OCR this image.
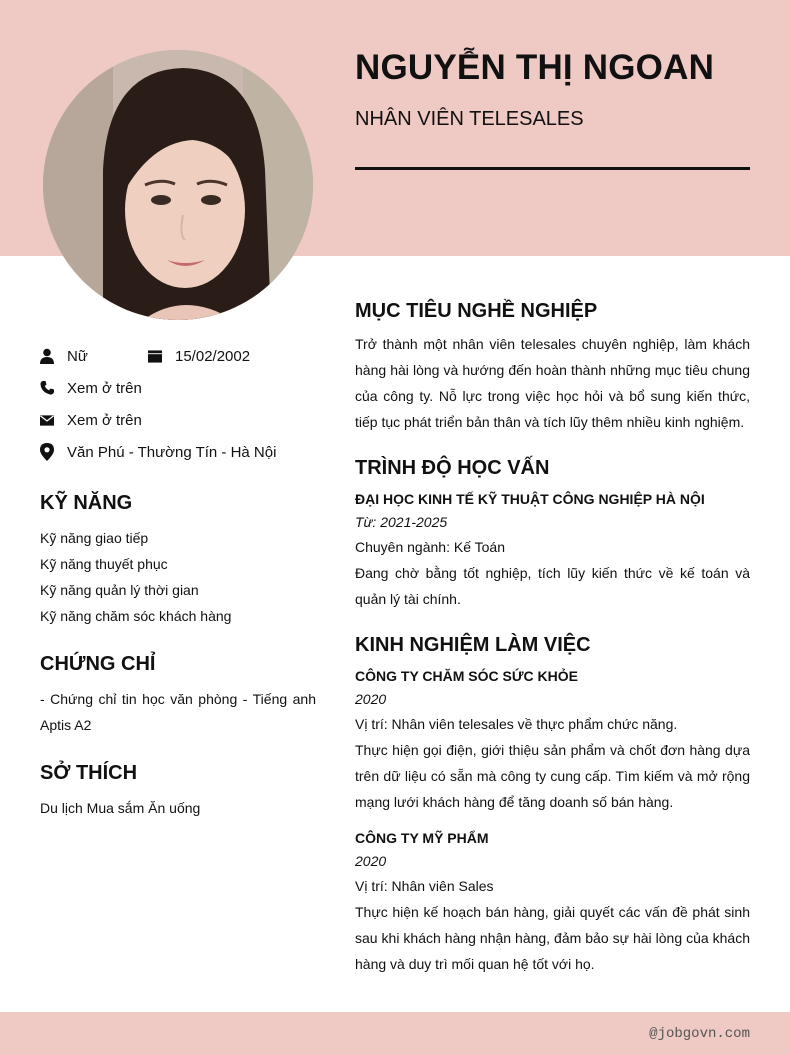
NGUYỄN THỊ NGOAN
NHÂN VIÊN TELESALES
Nữ	15/02/2002
Xem ở trên
Xem ở trên
Văn Phú - Thường Tín - Hà Nội
KỸ NĂNG
Kỹ năng giao tiếp
Kỹ năng thuyết phục
Kỹ năng quản lý thời gian
Kỹ năng chăm sóc khách hàng
CHỨNG CHỈ
- Chứng chỉ tin học văn phòng - Tiếng anh Aptis A2
SỞ THÍCH
Du lịch Mua sắm Ăn uống
MỤC TIÊU NGHỀ NGHIỆP
Trở thành một nhân viên telesales chuyên nghiệp, làm khách hàng hài lòng và hướng đến hoàn thành những mục tiêu chung của công ty. Nỗ lực trong việc học hỏi và bổ sung kiến thức, tiếp tục phát triển bản thân và tích lũy thêm nhiều kinh nghiệm.
TRÌNH ĐỘ HỌC VẤN
ĐẠI HỌC KINH TẾ KỸ THUẬT CÔNG NGHIỆP HÀ NỘI
Từ: 2021-2025
Chuyên ngành: Kế Toán
Đang chờ bằng tốt nghiệp, tích lũy kiến thức về kế toán và quản lý tài chính.
KINH NGHIỆM LÀM VIỆC
CÔNG TY CHĂM SÓC SỨC KHỎE
2020
Vị trí: Nhân viên telesales về thực phẩm chức năng.
Thực hiện gọi điện, giới thiệu sản phẩm và chốt đơn hàng dựa trên dữ liệu có sẵn mà công ty cung cấp. Tìm kiếm và mở rộng mạng lưới khách hàng để tăng doanh số bán hàng.
CÔNG TY MỸ PHẨM
2020
Vị trí: Nhân viên Sales
Thực hiện kế hoạch bán hàng, giải quyết các vấn đề phát sinh sau khi khách hàng nhận hàng, đảm bảo sự hài lòng của khách hàng và duy trì mối quan hệ tốt với họ.
@jobgovn.com
